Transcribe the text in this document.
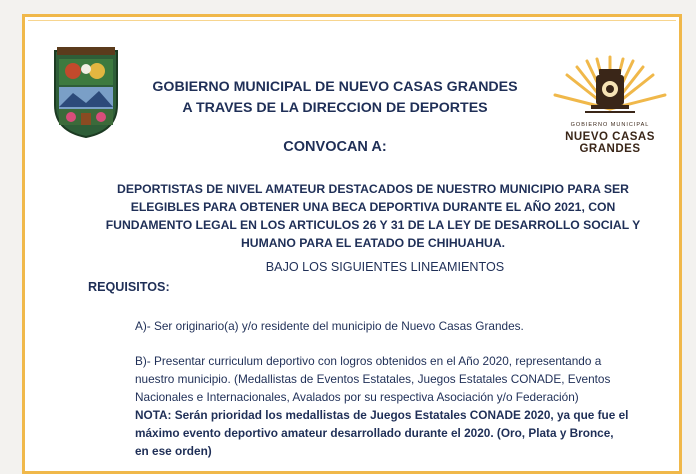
GOBIERNO MUNICIPAL
NUEVO CASAS GRANDES
GOBIERNO MUNICIPAL DE NUEVO CASAS GRANDES
A TRAVES DE LA DIRECCION DE DEPORTES
CONVOCAN A:
DEPORTISTAS DE NIVEL AMATEUR DESTACADOS DE NUESTRO MUNICIPIO PARA SER
ELEGIBLES PARA OBTENER UNA BECA DEPORTIVA DURANTE EL AÑO 2021, CON
FUNDAMENTO LEGAL EN LOS ARTICULOS 26 Y 31 DE LA LEY DE DESARROLLO SOCIAL Y
HUMANO PARA EL EATADO DE CHIHUAHUA.
BAJO LOS SIGUIENTES LINEAMIENTOS
REQUISITOS:
A)- Ser originario(a) y/o residente del municipio de Nuevo Casas Grandes.
B)- Presentar curriculum deportivo con logros obtenidos en el Año 2020, representando a
nuestro municipio. (Medallistas de Eventos Estatales, Juegos Estatales CONADE, Eventos
Nacionales e Internacionales, Avalados por su respectiva Asociación y/o Federación)
NOTA: Serán prioridad los medallistas de Juegos Estatales CONADE 2020, ya que fue el
máximo evento deportivo amateur desarrollado durante el 2020. (Oro, Plata y Bronce,
en ese orden)
